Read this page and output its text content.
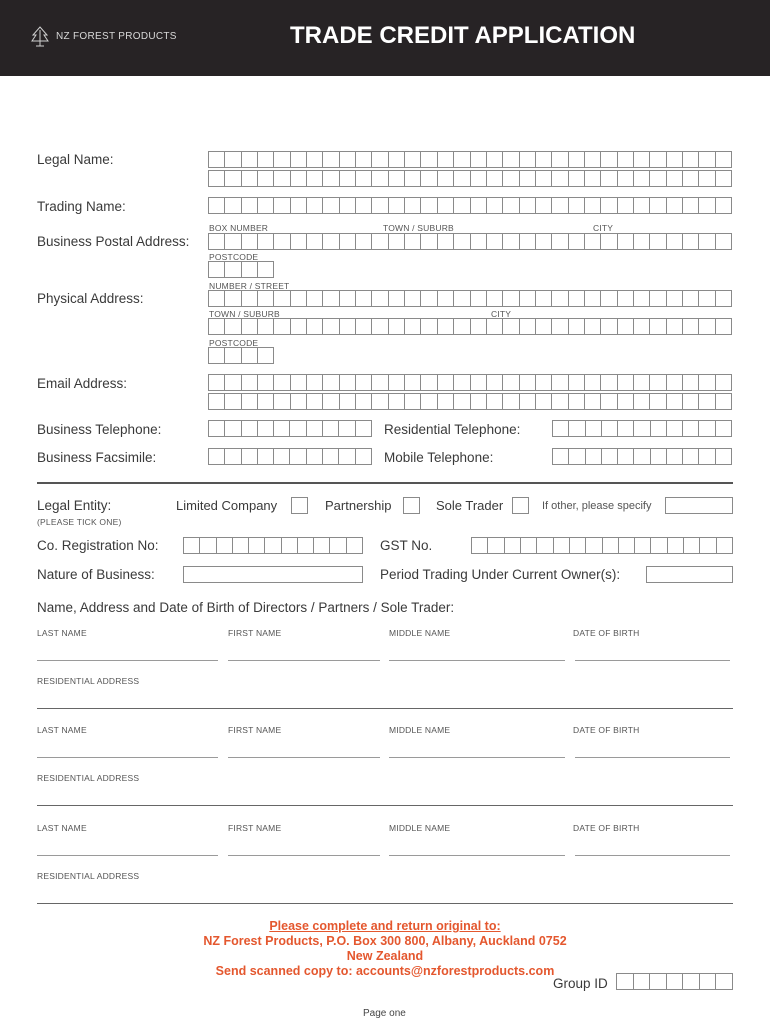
NZ FOREST PRODUCTS	TRADE CREDIT APPLICATION
Legal Name:
Trading Name:
BOX NUMBER	TOWN / SUBURB	CITY
Business Postal Address:
POSTCODE
NUMBER / STREET
Physical Address:
TOWN / SUBURB	CITY
POSTCODE
Email Address:
Business Telephone:	Residential Telephone:
Business Facsimile:	Mobile Telephone:
Legal Entity:
(PLEASE TICK ONE)
Limited Company	Partnership	Sole Trader	If other, please specify
Co. Registration No:	GST No.
Nature of Business:	Period Trading Under Current Owner(s):
Name, Address and Date of Birth of Directors / Partners / Sole Trader:
LAST NAME	FIRST NAME	MIDDLE NAME	DATE OF BIRTH
RESIDENTIAL ADDRESS
LAST NAME	FIRST NAME	MIDDLE NAME	DATE OF BIRTH
RESIDENTIAL ADDRESS
LAST NAME	FIRST NAME	MIDDLE NAME	DATE OF BIRTH
RESIDENTIAL ADDRESS
Please complete and return original to:
NZ Forest Products, P.O. Box 300 800, Albany, Auckland 0752
New Zealand
Send scanned copy to: accounts@nzforestproducts.com
Group ID
Page one
